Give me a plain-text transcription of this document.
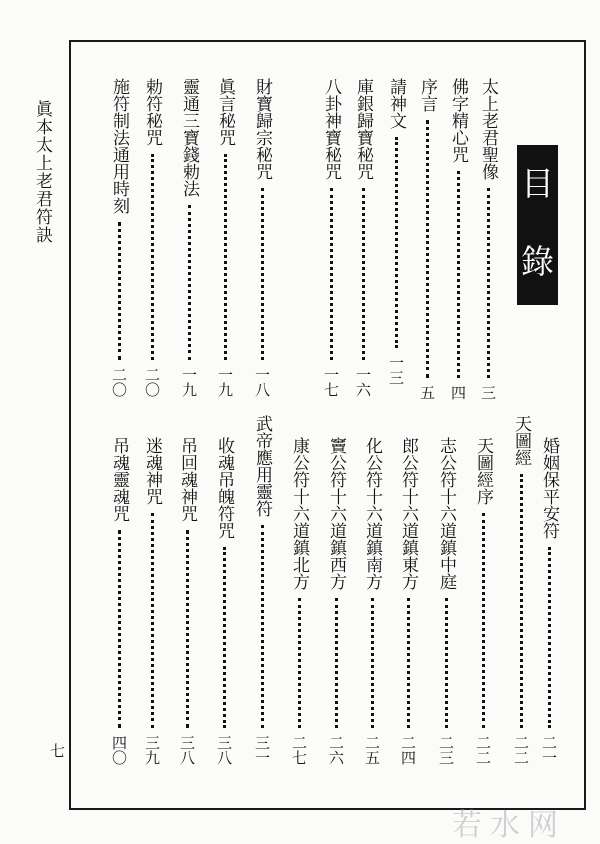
眞本太上老君符訣
七
目
錄
太上老君聖像
三
佛字精心咒
四
序言
五
請神文
一三
庫銀歸寶秘咒
一六
八卦神寶秘咒
一七
財寶歸宗秘咒
一八
眞言秘咒
一九
靈通三寶錢勅法
一九
勅符秘咒
二〇
施符制法通用時刻
二〇
婚姻保平安符
二一
天圖經
二二
天圖經序
二二
志公符十六道鎮中庭
二三
郎公符十六道鎮東方
二四
化公符十六道鎮南方
二五
竇公符十六道鎮西方
二六
康公符十六道鎮北方
二七
武帝應用靈符
三一
收魂吊魄符咒
三八
吊回魂神咒
三八
迷魂神咒
三九
吊魂靈魂咒
四〇
若水网
